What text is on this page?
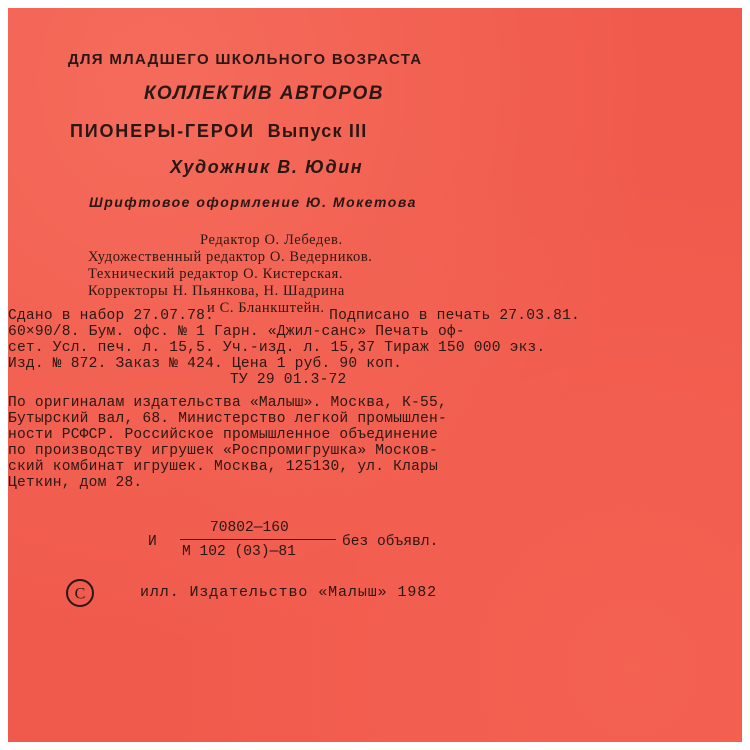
ДЛЯ МЛАДШЕГО ШКОЛЬНОГО ВОЗРАСТА
КОЛЛЕКТИВ АВТОРОВ
ПИОНЕРЫ-ГЕРОИ Выпуск III
Художник В. Юдин
Шрифтовое оформление Ю. Мокетова
Редактор О. Лебедев.
Художественный редактор О. Ведерников.
Технический редактор О. Кистерская.
Корректоры Н. Пьянкова, Н. Шадрина
и С. Бланкштейн.
Сдано в набор 27.07.78.	Подписано в печать 27.03.81.
60×90/8. Бум. офс. № 1 Гарн. «Джил-санс» Печать оф-
сет. Усл. печ. л. 15,5. Уч.-изд. л. 15,37 Тираж 150 000 экз.
Изд. № 872. Заказ № 424. Цена 1 руб. 90 коп.
ТУ 29 01.3-72
По оригиналам издательства «Малыш». Москва, К-55,
Бутырский вал, 68. Министерство легкой промышлен-
ности РСФСР. Российское промышленное объединение
по производству игрушек «Роспромигрушка» Москов-
ский комбинат игрушек. Москва, 125130, ул. Клары
Цеткин, дом 28.
И
70802—160
М 102 (03)—81
без объявл.
C	илл. Издательство «Малыш» 1982
